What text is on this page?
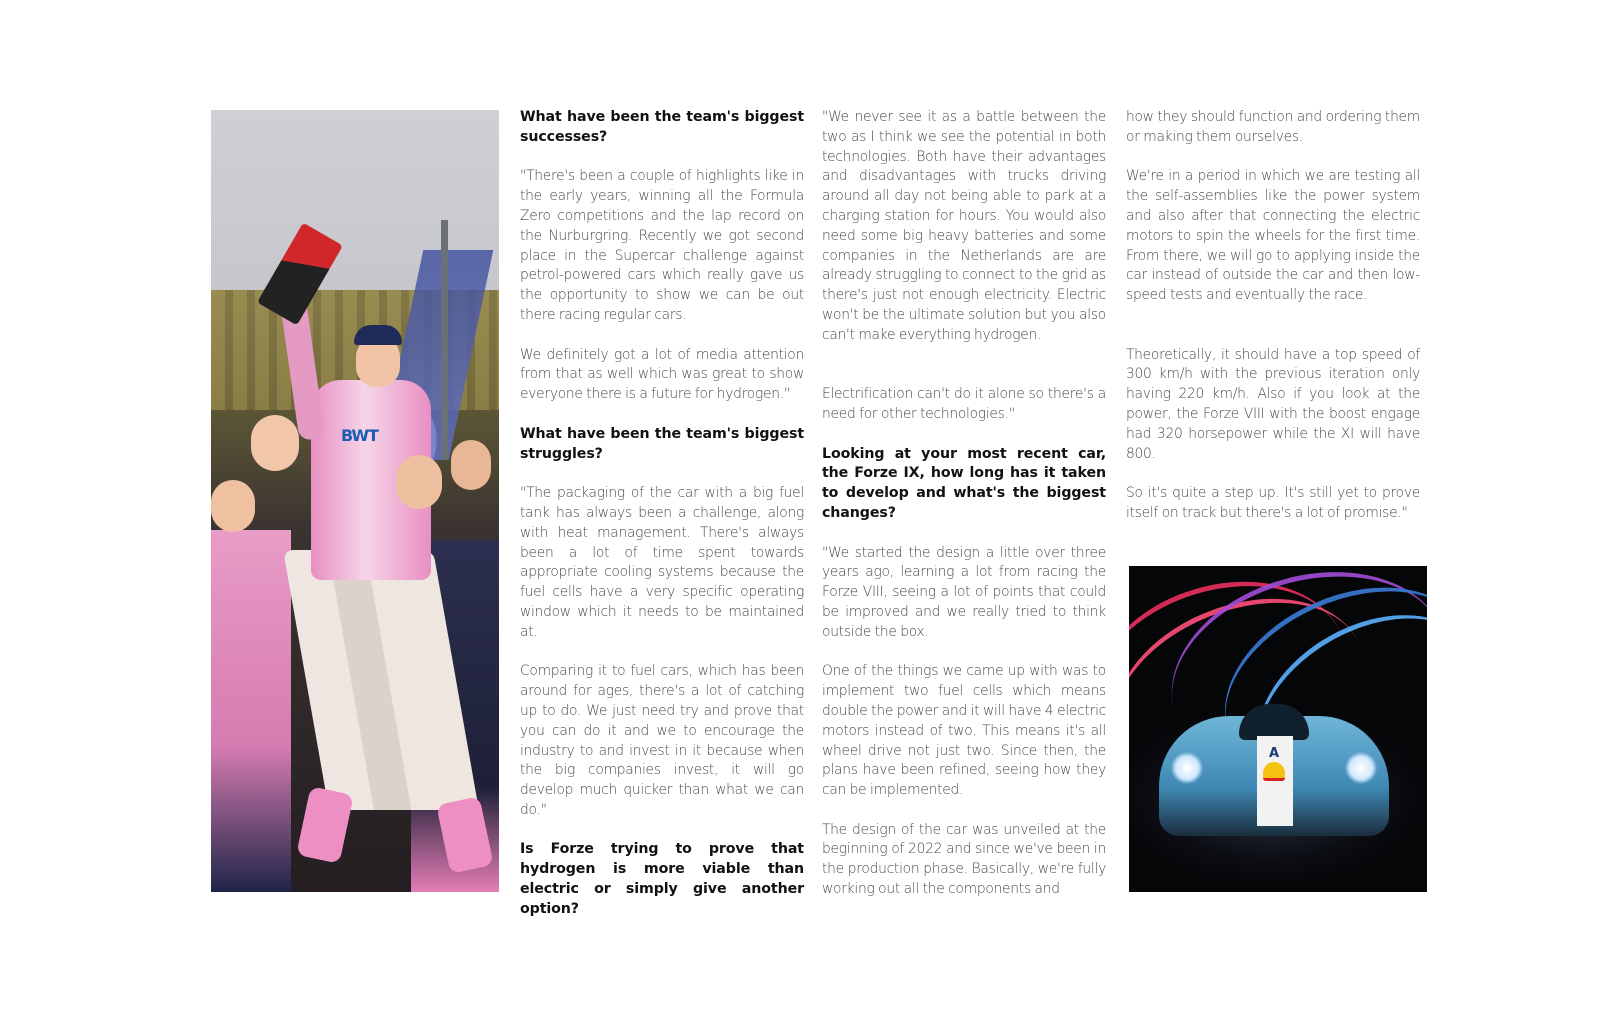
BWT
What have been the team's biggest successes?

"There's been a couple of highlights like in the early years, winning all the Formula Zero competitions and the lap record on the Nurburgring. Recently we got second place in the Supercar challenge against petrol-powered cars which really gave us the opportunity to show we can be out there racing regular cars.

We definitely got a lot of media attention from that as well which was great to show everyone there is a future for hydrogen."

What have been the team's biggest struggles?

"The packaging of the car with a big fuel tank has always been a challenge, along with heat management. There's always been a lot of time spent towards appropriate cooling systems because the fuel cells have a very specific operating window which it needs to be maintained at.

Comparing it to fuel cars, which has been around for ages, there's a lot of catching up to do. We just need try and prove that you can do it and we to encourage the industry to and invest in it because when the big companies invest, it will go develop much quicker than what we can do."

Is Forze trying to prove that hydrogen is more viable than electric or simply give another option?

"We never see it as a battle between the two as I think we see the potential in both technologies. Both have their advantages and disadvantages with trucks driving around all day not being able to park at a charging station for hours. You would also need some big heavy batteries and some companies in the Netherlands are are already struggling to connect to the grid as there's just not enough electricity. Electric won't be the ultimate solution but you also can't make everything hydrogen.

Electrification can't do it alone so there's a need for other technologies."

Looking at your most recent car, the Forze IX, how long has it taken to develop and what's the biggest changes?

"We started the design a little over three years ago, learning a lot from racing the Forze VIII, seeing a lot of points that could be improved and we really tried to think outside the box.

One of the things we came up with was to implement two fuel cells which means double the power and it will have 4 electric motors instead of two. This means it's all wheel drive not just two. Since then, the plans have been refined, seeing how they can be implemented.

The design of the car was unveiled at the beginning of 2022 and since we've been in the production phase. Basically, we're fully working out all the components and

how they should function and ordering them or making them ourselves.

We're in a period in which we are testing all the self-assemblies like the power system and also after that connecting the electric motors to spin the wheels for the first time. From there, we will go to applying inside the car instead of outside the car and then low-speed tests and eventually the race.

Theoretically, it should have a top speed of 300 km/h with the previous iteration only having 220 km/h. Also if you look at the power, the Forze VIII with the boost engage had 320 horsepower while the XI will have 800.

So it's quite a step up. It's still yet to prove itself on track but there's a lot of promise."

A
